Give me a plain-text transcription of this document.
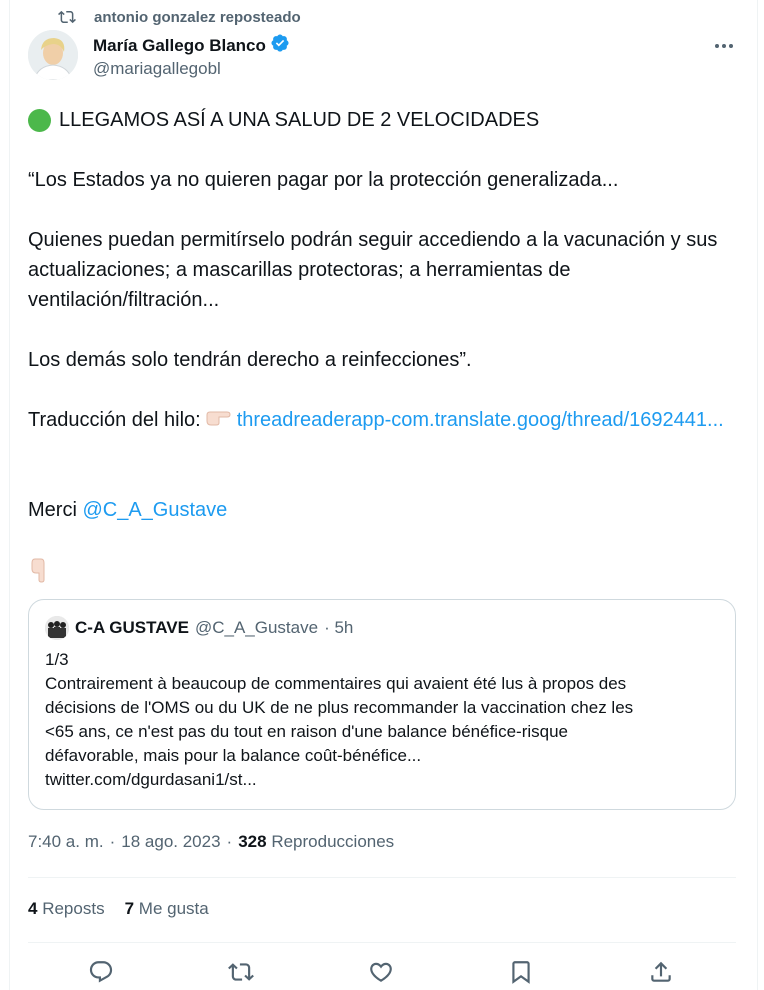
antonio gonzalez reposteado
María Gallego Blanco
@mariagallegobl
LLEGAMOS ASÍ A UNA SALUD DE 2 VELOCIDADES

“Los Estados ya no quieren pagar por la protección generalizada...

Quienes puedan permitírselo podrán seguir accediendo a la vacunación y sus actualizaciones; a mascarillas protectoras; a herramientas de ventilación/filtración...

Los demás solo tendrán derecho a reinfecciones”.

Traducción del hilo: threadreaderapp-com.translate.goog/thread/1692441...

Merci @C_A_Gustave

C-A GUSTAVE @C_A_Gustave · 5h
1/3
Contrairement à beaucoup de commentaires qui avaient été lus à propos des
décisions de l'OMS ou du UK de ne plus recommander la vaccination chez les
<65 ans, ce n'est pas du tout en raison d'une balance bénéfice-risque
défavorable, mais pour la balance coût-bénéfice...
twitter.com/dgurdasani1/st...
7:40 a. m. · 18 ago. 2023 · 328 Reproducciones
4 Reposts 7 Me gusta
